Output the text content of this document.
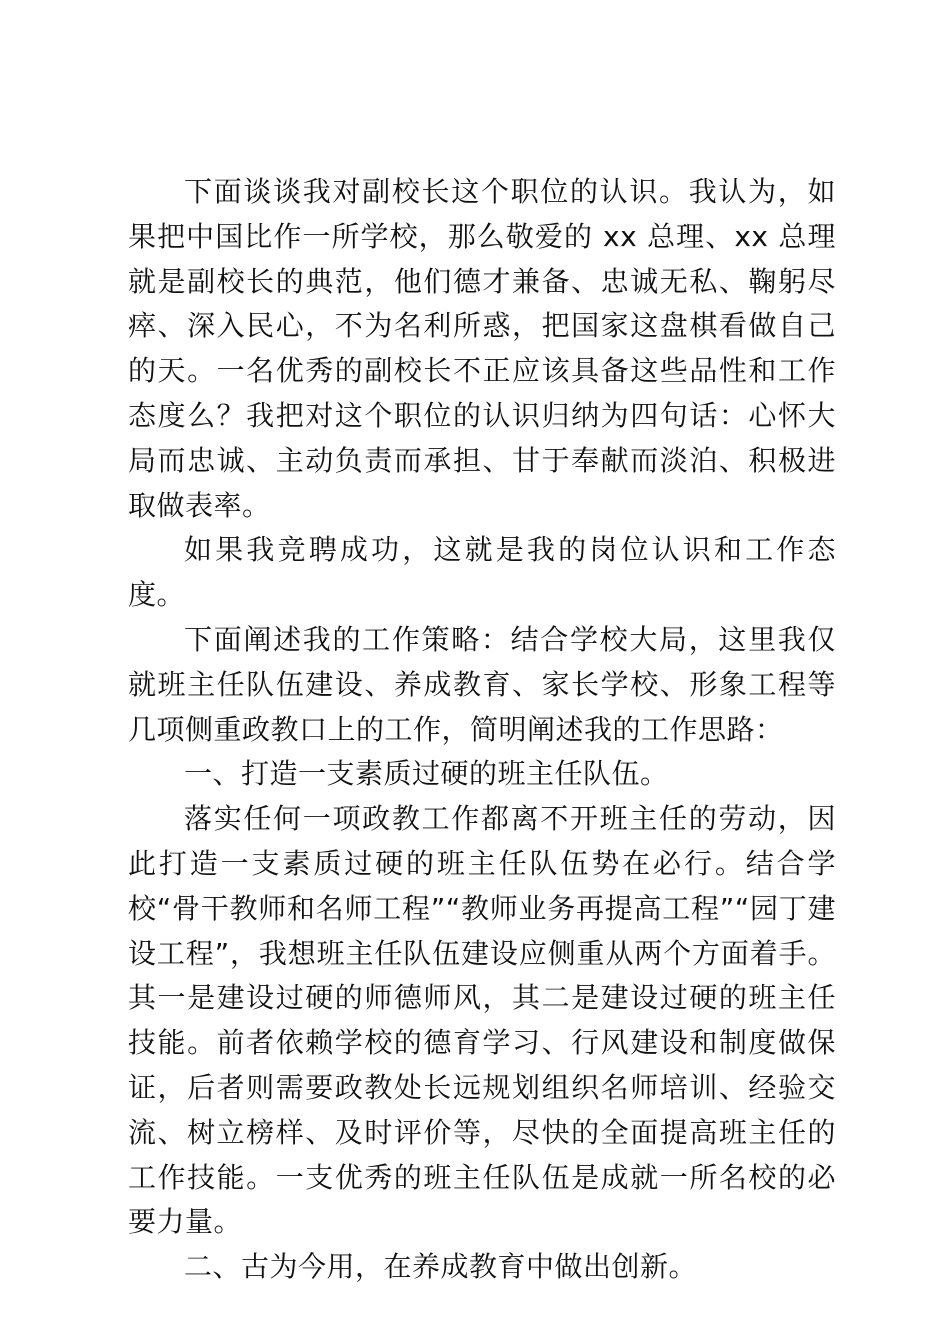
下面谈谈我对副校长这个职位的认识。我认为，如果把中国比作一所学校，那么敬爱的 xx 总理、xx 总理就是副校长的典范，他们德才兼备、忠诚无私、鞠躬尽瘁、深入民心，不为名利所惑，把国家这盘棋看做自己的天。一名优秀的副校长不正应该具备这些品性和工作态度么？我把对这个职位的认识归纳为四句话：心怀大局而忠诚、主动负责而承担、甘于奉献而淡泊、积极进取做表率。

如果我竞聘成功，这就是我的岗位认识和工作态度。

下面阐述我的工作策略：结合学校大局，这里我仅就班主任队伍建设、养成教育、家长学校、形象工程等几项侧重政教口上的工作，简明阐述我的工作思路：

一、打造一支素质过硬的班主任队伍。

落实任何一项政教工作都离不开班主任的劳动，因此打造一支素质过硬的班主任队伍势在必行。结合学校“骨干教师和名师工程”“教师业务再提高工程”“园丁建设工程”，我想班主任队伍建设应侧重从两个方面着手。其一是建设过硬的师德师风，其二是建设过硬的班主任技能。前者依赖学校的德育学习、行风建设和制度做保证，后者则需要政教处长远规划组织名师培训、经验交流、树立榜样、及时评价等，尽快的全面提高班主任的工作技能。一支优秀的班主任队伍是成就一所名校的必要力量。

二、古为今用，在养成教育中做出创新。
